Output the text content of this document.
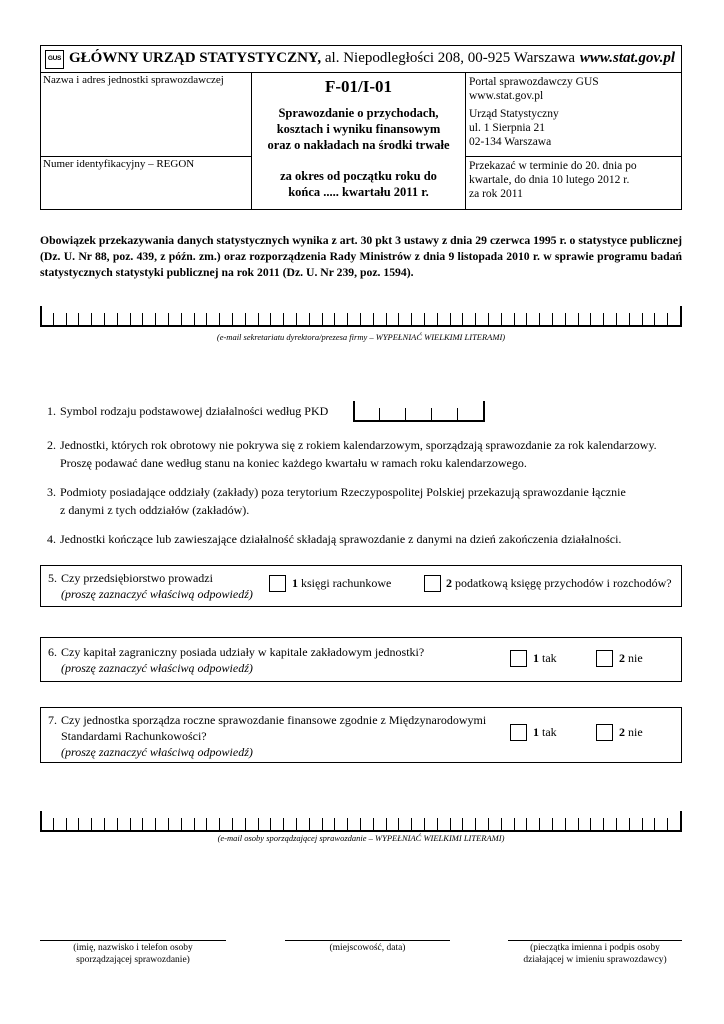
GUS GŁÓWNY URZĄD STATYSTYCZNY, al. Niepodległości 208, 00-925 Warszawa www.stat.gov.pl
Nazwa i adres jednostki sprawozdawczej
Numer identyfikacyjny – REGON
F-01/I-01
Sprawozdanie o przychodach,
kosztach i wyniku finansowym
oraz o nakładach na środki trwałe
za okres od początku roku do
końca ..... kwartału 2011 r.
Portal sprawozdawczy GUS
www.stat.gov.pl
Urząd Statystyczny
ul. 1 Sierpnia 21
02-134 Warszawa
Przekazać w terminie do 20. dnia po
kwartale, do dnia 10 lutego 2012 r.
za rok 2011
Obowiązek przekazywania danych statystycznych wynika z art. 30 pkt 3 ustawy z dnia 29 czerwca 1995 r. o statystyce publicznej (Dz. U. Nr 88, poz. 439, z późn. zm.) oraz rozporządzenia Rady Ministrów z dnia 9 listopada 2010 r. w sprawie programu badań statystycznych statystyki publicznej na rok 2011 (Dz. U. Nr 239, poz. 1594).
(e-mail sekretariatu dyrektora/prezesa firmy – WYPEŁNIAĆ WIELKIMI LITERAMI)
1. Symbol rodzaju podstawowej działalności według PKD
2. Jednostki, których rok obrotowy nie pokrywa się z rokiem kalendarzowym, sporządzają sprawozdanie za rok kalendarzowy.
Proszę podawać dane według stanu na koniec każdego kwartału w ramach roku kalendarzowego.
3. Podmioty posiadające oddziały (zakłady) poza terytorium Rzeczypospolitej Polskiej przekazują sprawozdanie łącznie
z danymi z tych oddziałów (zakładów).
4. Jednostki kończące lub zawieszające działalność składają sprawozdanie z danymi na dzień zakończenia działalności.
5. Czy przedsiębiorstwo prowadzi
(proszę zaznaczyć właściwą odpowiedź)
1 księgi rachunkowe	2 podatkową księgę przychodów i rozchodów?
6. Czy kapitał zagraniczny posiada udziały w kapitale zakładowym jednostki?
(proszę zaznaczyć właściwą odpowiedź)
1 tak	2 nie
7. Czy jednostka sporządza roczne sprawozdanie finansowe zgodnie z Międzynarodowymi
Standardami Rachunkowości?
(proszę zaznaczyć właściwą odpowiedź)
1 tak	2 nie
(e-mail osoby sporządzającej sprawozdanie – WYPEŁNIAĆ WIELKIMI LITERAMI)
(imię, nazwisko i telefon osoby
sporządzającej sprawozdanie)
(miejscowość, data)	(pieczątka imienna i podpis osoby
działającej w imieniu sprawozdawcy)
